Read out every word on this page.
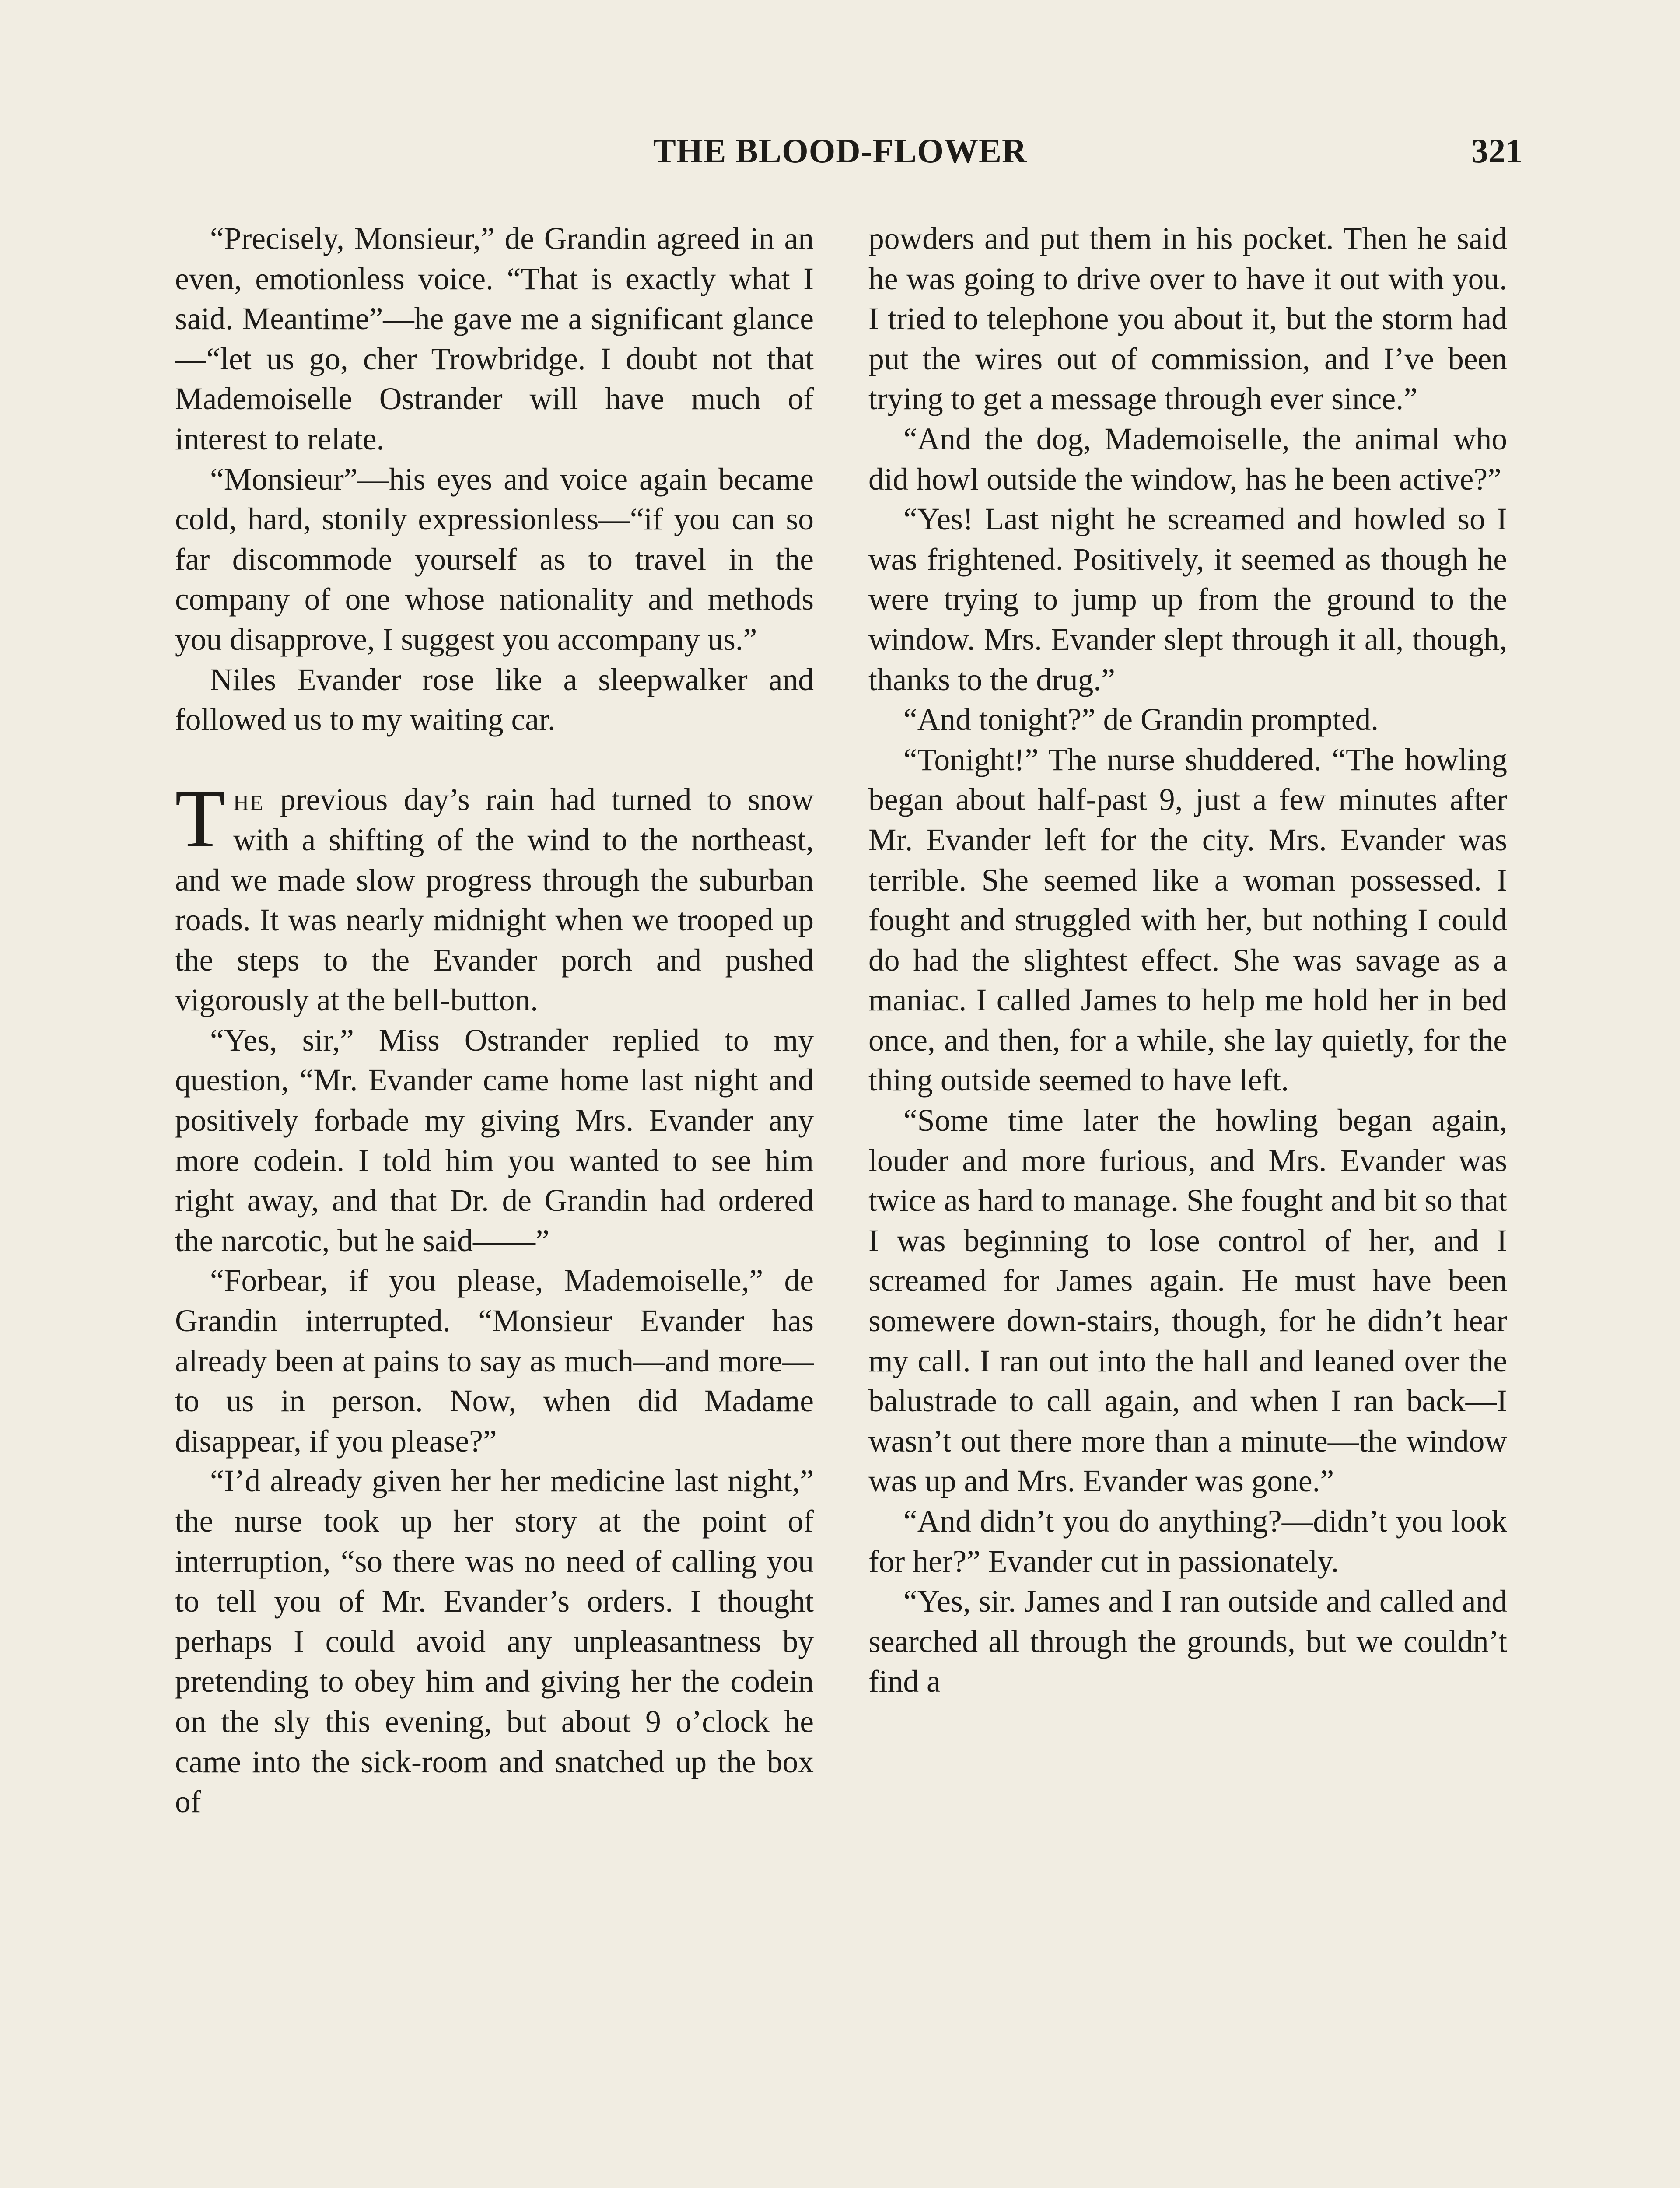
THE BLOOD-FLOWER	321

“Precisely, Monsieur,” de Grandin agreed in an even, emotionless voice. “That is exactly what I said. Meantime”—he gave me a significant glance—“let us go, cher Trowbridge. I doubt not that Mademoiselle Ostrander will have much of interest to relate.

“Monsieur”—his eyes and voice again became cold, hard, stonily expressionless—“if you can so far discommode yourself as to travel in the company of one whose nationality and methods you disapprove, I suggest you accompany us.”

Niles Evander rose like a sleepwalker and followed us to my waiting car.

The previous day’s rain had turned to snow with a shifting of the wind to the northeast, and we made slow progress through the suburban roads. It was nearly midnight when we trooped up the steps to the Evander porch and pushed vigorously at the bell-button.

“Yes, sir,” Miss Ostrander replied to my question, “Mr. Evander came home last night and positively forbade my giving Mrs. Evander any more codein. I told him you wanted to see him right away, and that Dr. de Grandin had ordered the narcotic, but he said——”

“Forbear, if you please, Mademoiselle,” de Grandin interrupted. “Monsieur Evander has already been at pains to say as much—and more—to us in person. Now, when did Madame disappear, if you please?”

“I’d already given her her medicine last night,” the nurse took up her story at the point of interruption, “so there was no need of calling you to tell you of Mr. Evander’s orders. I thought perhaps I could avoid any unpleasantness by pretending to obey him and giving her the codein on the sly this evening, but about 9 o’clock he came into the sick-room and snatched up the box of

powders and put them in his pocket. Then he said he was going to drive over to have it out with you. I tried to telephone you about it, but the storm had put the wires out of commission, and I’ve been trying to get a message through ever since.”

“And the dog, Mademoiselle, the animal who did howl outside the window, has he been active?”

“Yes! Last night he screamed and howled so I was frightened. Positively, it seemed as though he were trying to jump up from the ground to the window. Mrs. Evander slept through it all, though, thanks to the drug.”

“And tonight?” de Grandin prompted.

“Tonight!” The nurse shuddered. “The howling began about half-past 9, just a few minutes after Mr. Evander left for the city. Mrs. Evander was terrible. She seemed like a woman possessed. I fought and struggled with her, but nothing I could do had the slightest effect. She was savage as a maniac. I called James to help me hold her in bed once, and then, for a while, she lay quietly, for the thing outside seemed to have left.

“Some time later the howling began again, louder and more furious, and Mrs. Evander was twice as hard to manage. She fought and bit so that I was beginning to lose control of her, and I screamed for James again. He must have been somewere down-stairs, though, for he didn’t hear my call. I ran out into the hall and leaned over the balustrade to call again, and when I ran back—I wasn’t out there more than a minute—the window was up and Mrs. Evander was gone.”

“And didn’t you do anything?—didn’t you look for her?” Evander cut in passionately.

“Yes, sir. James and I ran outside and called and searched all through the grounds, but we couldn’t find a
